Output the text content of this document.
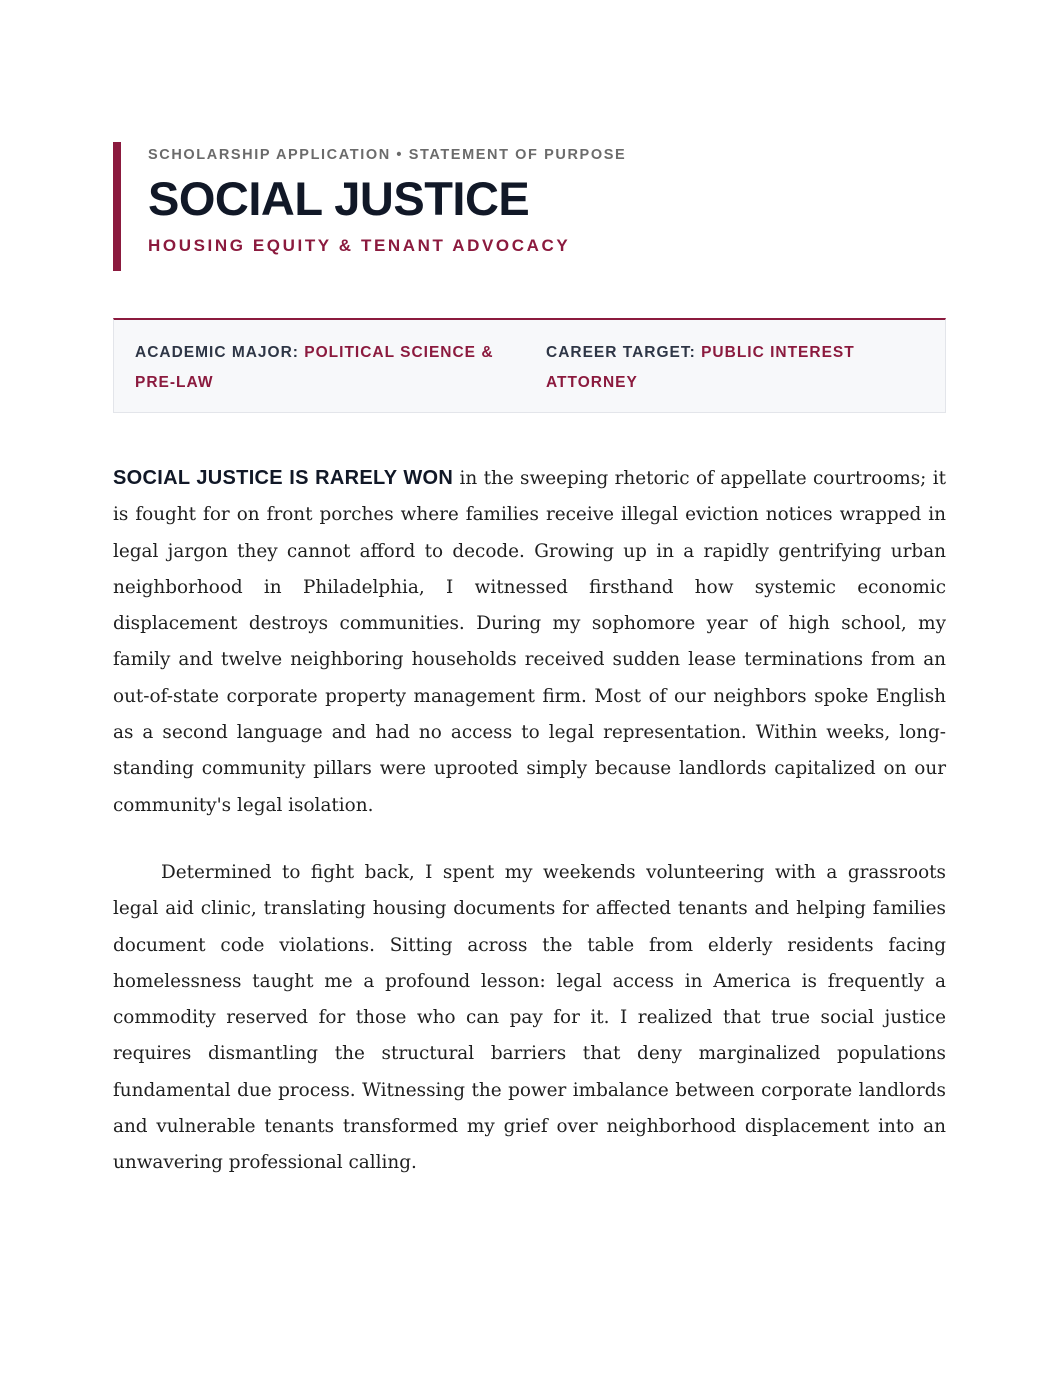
SCHOLARSHIP APPLICATION • STATEMENT OF PURPOSE
SOCIAL JUSTICE
HOUSING EQUITY & TENANT ADVOCACY
ACADEMIC MAJOR: POLITICAL SCIENCE & PRE-LAW
CAREER TARGET: PUBLIC INTEREST ATTORNEY

SOCIAL JUSTICE IS RARELY WON in the sweeping rhetoric of appellate courtrooms; it is fought for on front porches where families receive illegal eviction notices wrapped in legal jargon they cannot afford to decode. Growing up in a rapidly gentrifying urban neighborhood in Philadelphia, I witnessed firsthand how systemic economic displacement destroys communities. During my sophomore year of high school, my family and twelve neighboring households received sudden lease terminations from an out-of-state corporate property management firm. Most of our neighbors spoke English as a second language and had no access to legal representation. Within weeks, long-standing community pillars were uprooted simply because landlords capitalized on our community's legal isolation.

Determined to fight back, I spent my weekends volunteering with a grassroots legal aid clinic, translating housing documents for affected tenants and helping families document code violations. Sitting across the table from elderly residents facing homelessness taught me a profound lesson: legal access in America is frequently a commodity reserved for those who can pay for it. I realized that true social justice requires dismantling the structural barriers that deny marginalized populations fundamental due process. Witnessing the power imbalance between corporate landlords and vulnerable tenants transformed my grief over neighborhood displacement into an unwavering professional calling.
